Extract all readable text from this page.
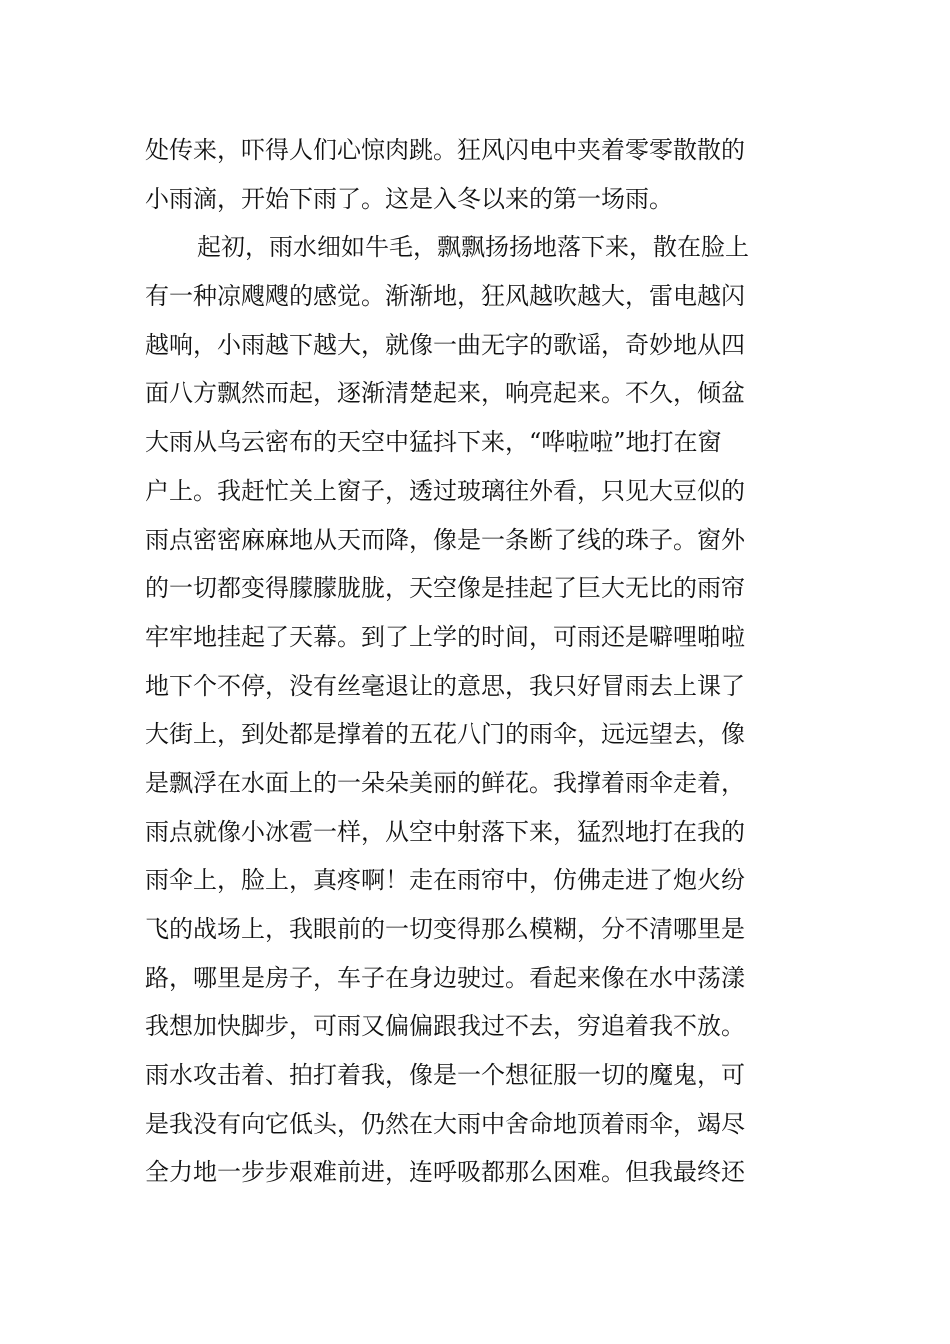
处传来，吓得人们心惊肉跳。狂风闪电中夹着零零散散的
小雨滴，开始下雨了。这是入冬以来的第一场雨。
起初，雨水细如牛毛，飘飘扬扬地落下来，散在脸上
有一种凉飕飕的感觉。渐渐地，狂风越吹越大，雷电越闪
越响，小雨越下越大，就像一曲无字的歌谣，奇妙地从四
面八方飘然而起，逐渐清楚起来，响亮起来。不久，倾盆
大雨从乌云密布的天空中猛抖下来，“哗啦啦”地打在窗
户上。我赶忙关上窗子，透过玻璃往外看，只见大豆似的
雨点密密麻麻地从天而降，像是一条断了线的珠子。窗外
的一切都变得朦朦胧胧，天空像是挂起了巨大无比的雨帘
牢牢地挂起了天幕。到了上学的时间，可雨还是噼哩啪啦
地下个不停，没有丝毫退让的意思，我只好冒雨去上课了
大街上，到处都是撑着的五花八门的雨伞，远远望去，像
是飘浮在水面上的一朵朵美丽的鲜花。我撑着雨伞走着，
雨点就像小冰雹一样，从空中射落下来，猛烈地打在我的
雨伞上，脸上，真疼啊！走在雨帘中，仿佛走进了炮火纷
飞的战场上，我眼前的一切变得那么模糊，分不清哪里是
路，哪里是房子，车子在身边驶过。看起来像在水中荡漾
我想加快脚步，可雨又偏偏跟我过不去，穷追着我不放。
雨水攻击着、拍打着我，像是一个想征服一切的魔鬼，可
是我没有向它低头，仍然在大雨中舍命地顶着雨伞，竭尽
全力地一步步艰难前进，连呼吸都那么困难。但我最终还
